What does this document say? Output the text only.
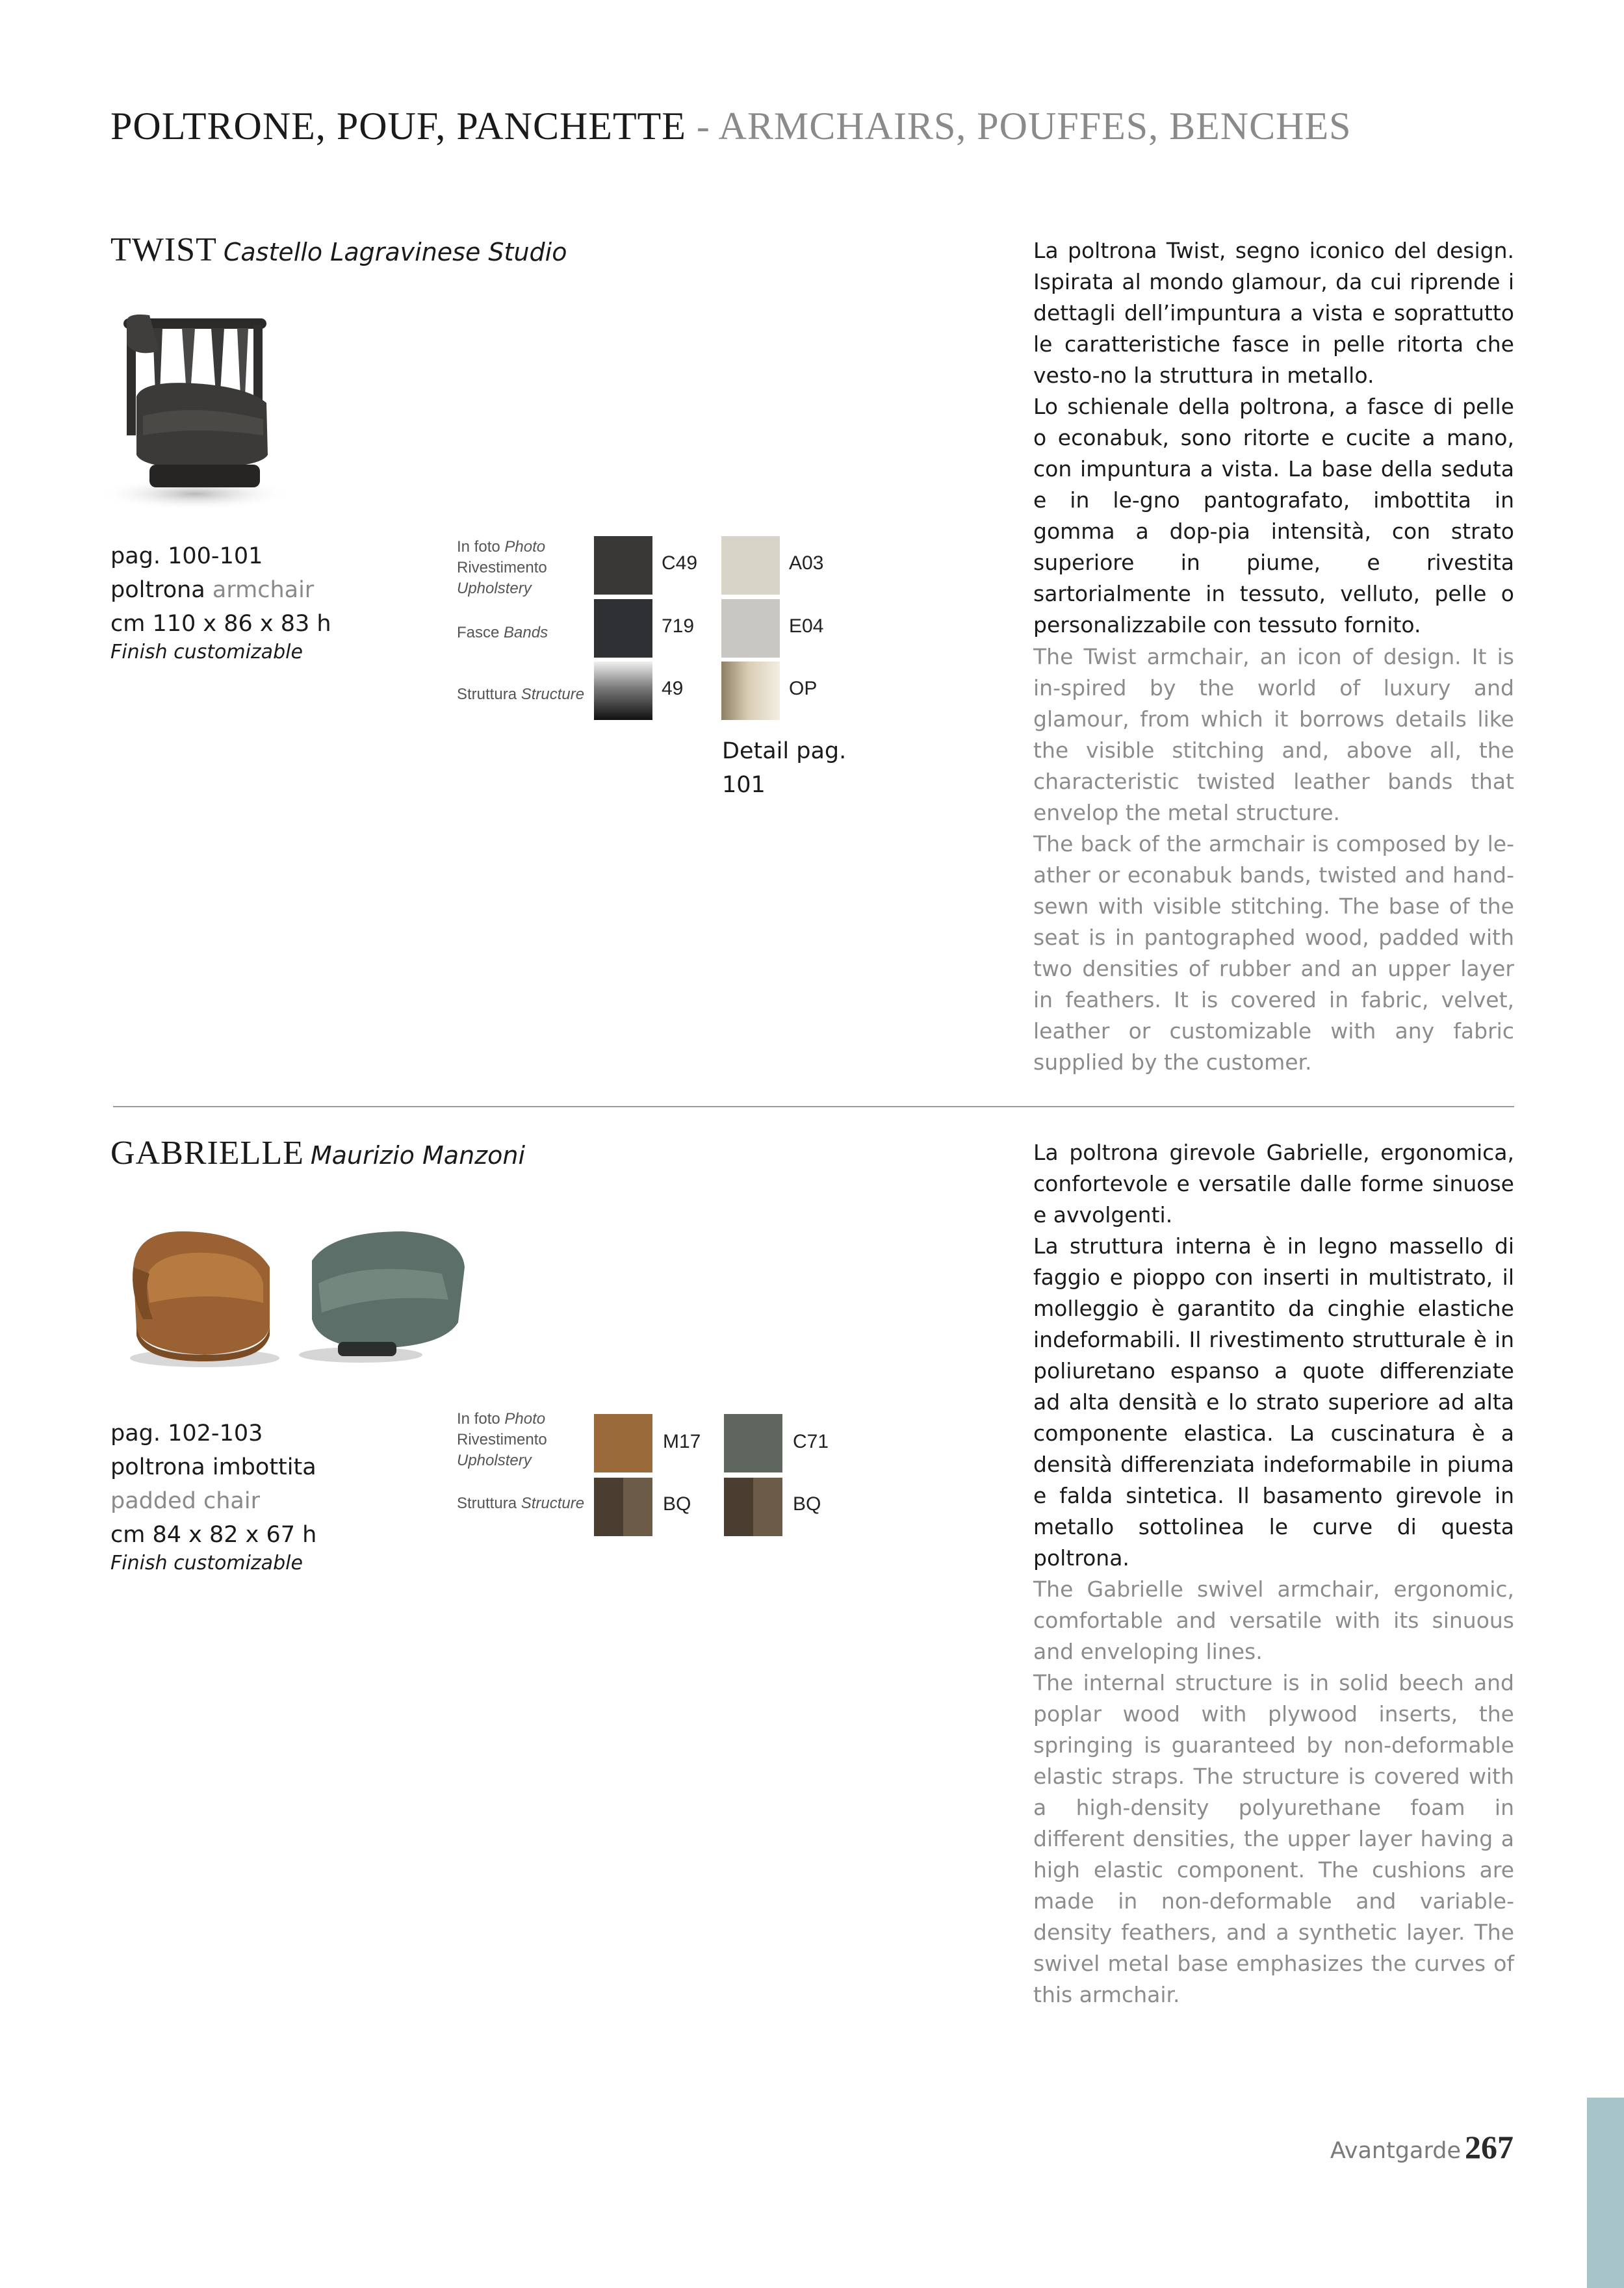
POLTRONE, POUF, PANCHETTE - ARMCHAIRS, POUFFES, BENCHES
TWIST Castello Lagravinese Studio
pag. 100-101
poltrona armchair
cm 110 x 86 x 83 h
Finish customizable
In foto Photo
Rivestimento
Upholstery
Fasce Bands
Struttura Structure
C49	A03
719	E04
49	OP
Detail pag. 101

La poltrona Twist, segno iconico del design. Ispirata al mondo glamour, da cui riprende i dettagli dell’impuntura a vista e soprattutto le caratteristiche fasce in pelle ritorta che vesto-no la struttura in metallo.

Lo schienale della poltrona, a fasce di pelle o econabuk, sono ritorte e cucite a mano, con impuntura a vista. La base della seduta e in le-gno pantografato, imbottita in gomma a dop-pia intensità, con strato superiore in piume, e rivestita sartorialmente in tessuto, velluto, pelle o personalizzabile con tessuto fornito.

The Twist armchair, an icon of design. It is in-spired by the world of luxury and glamour, from which it borrows details like the visible stitching and, above all, the characteristic twisted leather bands that envelop the metal structure.

The back of the armchair is composed by le-ather or econabuk bands, twisted and hand-sewn with visible stitching. The base of the seat is in pantographed wood, padded with two densities of rubber and an upper layer in feathers. It is covered in fabric, velvet, leather or customizable with any fabric supplied by the customer.

GABRIELLE Maurizio Manzoni
pag. 102-103
poltrona imbottita
padded chair
cm 84 x 82 x 67 h
Finish customizable
In foto Photo
Rivestimento
Upholstery
Struttura Structure
M17	C71
BQ	BQ

La poltrona girevole Gabrielle, ergonomica, confortevole e versatile dalle forme sinuose e avvolgenti.

La struttura interna è in legno massello di faggio e pioppo con inserti in multistrato, il molleggio è garantito da cinghie elastiche indeformabili. Il rivestimento strutturale è in poliuretano espanso a quote differenziate ad alta densità e lo strato superiore ad alta componente elastica. La cuscinatura è a densità differenziata indeformabile in piuma e falda sintetica. Il basamento girevole in metallo sottolinea le curve di questa poltrona.

The Gabrielle swivel armchair, ergonomic, comfortable and versatile with its sinuous and enveloping lines.

The internal structure is in solid beech and poplar wood with plywood inserts, the springing is guaranteed by non-deformable elastic straps. The structure is covered with a high-density polyurethane foam in different densities, the upper layer having a high elastic component. The cushions are made in non-deformable and variable-density feathers, and a synthetic layer. The swivel metal base emphasizes the curves of this armchair.

Avantgarde 267
